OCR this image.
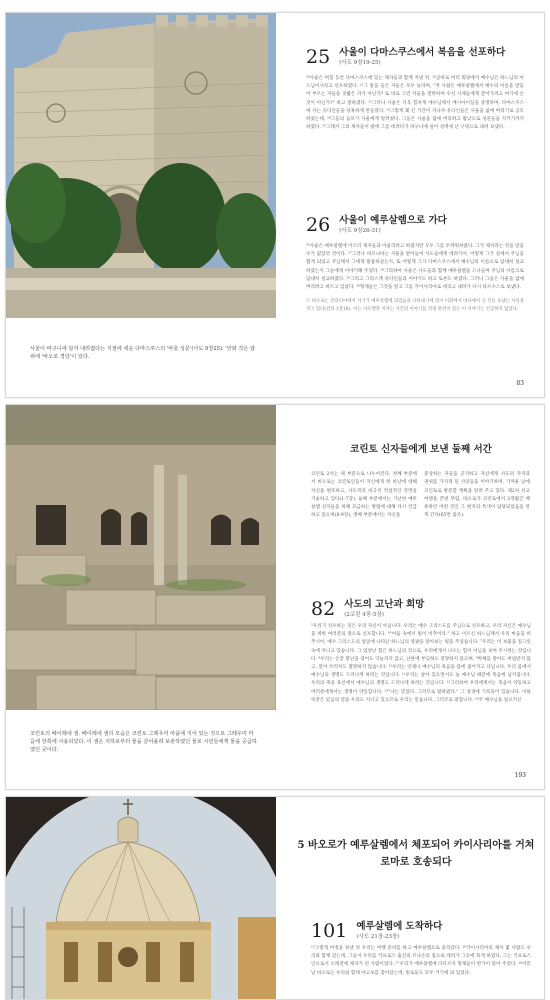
사울이 바구니에 담겨 내려졌다는 지점에 세운 다마스쿠스의 '바울 성문'(사도 9장25). '안와 작은 탑 위에 '바오로 경당'이 있다.
25 사울이 다마스쿠스에서 복음을 선포하다
(사도 9장19-25)

²⁰사울은 며칠 동안 다마스쿠스에 있는 제자들과 함께 지낸 뒤, ²⁰곧바로 여러 회당에서 예수님은 하느님의 아드님이시라고 선포하였다. ²¹그 말을 들은 자들은 모두 놀라며, "저 사람은 예루살렘에서 예수의 이름을 받들어 부르는 자들을 짓밟은 자가 아닌가? 또 바로 그런 자들을 결박하여 수석 사제들에게 끌어가려고 여기에 온 것이 아닌가?" 하고 말하였다. ²²그러나 사울은 더욱 힘차게 예수님께서 메시아이심을 증명하며, 다마스쿠스에 사는 유다인들을 당혹하게 만들었다. ²³그렇게 꽤 긴 기간이 지나자 유다인들은 사울을 없애 버리기로 공모하였는데, ²⁴그들의 음모가 사울에게 알려졌다. 그들은 사울을 없애 버리려고 밤낮으로 성문들을 지키기까지 하였다. ²⁵그래서 그의 제자들이 밤에 그를 데려다가 바구니에 실어 성벽에 난 구멍으로 내려 보냈다.

26 사울이 예루살렘으로 가다
(사도 9장26-31)

²⁶사울은 예루살렘에 이르러 제자들과 어울리려고 하였지만 모두 그를 두려워하였다. 그가 제자라는 것을 믿을 수가 없었던 것이다. ²⁷그러나 바르나바는 사울을 받아들여 사도들에게 데려가서, 어떻게 그가 길에서 주님을 뵙게 되었고 주님께서 그에게 말씀하셨는지, 또 어떻게 그가 다마스쿠스에서 예수님의 이름으로 담대히 설교하였는지 그들에게 이야기해 주었다. ²⁸그리하여 사울은 사도들과 함께 예루살렘을 드나들며 주님의 이름으로 담대히 설교하였다. ²⁹그리고 그리스계 유다인들과 이야기도 하고 토론도 하였다. 그러나 그들은 사울을 없애 버리려고 벼르고 있었다. ³⁰형제들은 그것을 알고 그를 카이사리아로 데리고 내려가 다시 타르수스로 보냈다.

ⓒ 바오로는 갈라티아에서 자기가 예루살렘에 되었음을 나타내기에 영사 어휘에서 바다에서 신 산들 보냈는 사실을 적고 있다(갈라 1장18). 이는 사도행전 저자는 사건의 이야기를 직접 관련이 있는 이 이야기는 언급하지 않았다.

83
코린토의 페이레네 샘. 페이레네 샘의 모습은 코린토 그레우미 마을에 지어 있는 것으로 그레우미 마음에 한쪽에 사용되었다. 이 샘은 지하로부터 물을 끌어올려 보관하였던 물로 시민들에게 물을 공급하였던 곳이다.
코린토 신자들에게 보낸 둘째 서간
코린토 2서는 세 부분으로 나누어진다. 첫째 부분에서 바오로는 코린토인들이 자신에게 한 바난에 대해 자신을 변호하고, 사도직의 비극적 역설적인 측면을 기술하고 있다(1-7장). 둘째 부분에서는 가난한 예루살렘 신자들을 위해 모금하는 방법에 대해 다시 언급하고 있으며(8-9장), 셋째 부분에서는 자신을
중상하는 자들을 공격하고 자신에게 사도의 자격과 권위를 가지게 된 사연들을 이야기하며, 가까운 날에 코린토로 방문할 계획을 알려 주고 있다. 제2차 선교 여행을 끝낸 무렵, 바오로가 코린토에서 3개월간 체류하던 어떤 것인 그 편지의 특색이 담당되었음을 알게 간다(65번 참조).
82 사도의 고난과 희망
(2코린 4장-5장)

⁵우리가 선포하는 것은 우리 자신이 아닙니다. 우리는 예수 그리스도를 주님으로 선포하고, 우리 자신은 예수님을 위한 여러분의 종으로 선포합니다. ⁶"어둠 속에서 빛이 비추어라." 하고 이르신 하느님께서 우리 마음을 비추시어, 예수 그리스도의 얼굴에 나타난 하느님의 영광을 알아보는 빛을 주셨습니다. ⁷우리는 이 보물을 질그릇 속에 지니고 있습니다. 그 엄청난 힘은 하느님의 것으로, 우리에게서 나오는 힘이 아님을 보여 주시려는 것입니다. ⁸우리는 온갖 환난을 겪어도 억눌리지 않고, 난관에 부딪혀도 절망하지 않으며, ⁹박해를 받아도 버림받지 않고, 맞아 쓰러져도 멸망하지 않습니다. ¹⁰우리는 언제나 예수님의 죽음을 몸에 짊어지고 다닙니다. 우리 몸에서 예수님의 생명도 드러나게 하려는 것입니다. ¹¹우리는 살아 있으면서도 늘 예수님 때문에 죽음에 넘겨집니다. 우리의 죽을 육신에서 예수님의 생명도 드러나게 하려는 것입니다. ¹²그리하여 우리에게서는 죽음이 약동하고 여러분에게서는 생명이 약동합니다. ¹³"나는 믿었다. 그러므로 말하였다." 그 성경에 기록되어 있습니다. 이와 똑같은 믿음의 영을 우리도 지니고 있으므로 우리는 믿습니다. 그러므로 말합니다. ¹⁴주 예수님을 일으키신

193
5 바오로가 예루살렘에서 체포되어 카이사리아를 거쳐 로마로 호송되다
101 예루살렘에 도착하다
(사도 21장-23장)

¹⁵그렇게 여정을 보낸 뒤 우리는 여행 준비를 하고 예루살렘으로 올라갔다. ¹⁶카이사리아의 제자 몇 사람도 우리와 함께 갔는데, 그들이 우리를 키프로스 출신의 므나손의 집으로 데려가 그곳에 묵게 하였다. 그는 키프로스인으로서 오래전에 제자가 된 사람이었다. ¹⁷우리가 예루살렘에 다다르자 형제들이 반가이 맞아 주었다. ¹⁸이튿날 바오로는 우리와 함께 야고보를 찾아갔는데, 원로들도 모두 거기에 와 있었다.
